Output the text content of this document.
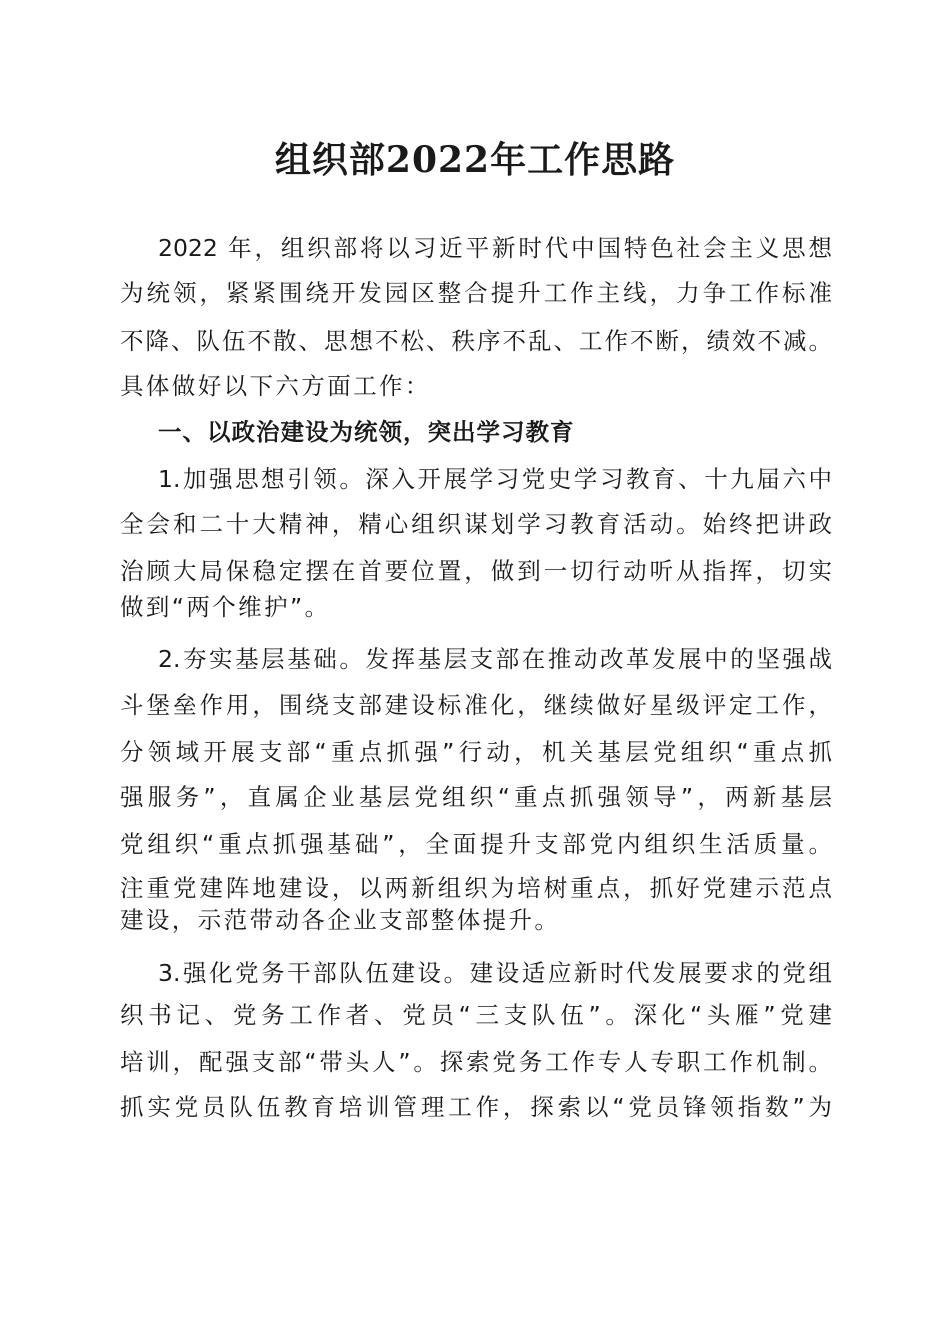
组织部2022年工作思路
2022 年，组织部将以习近平新时代中国特色社会主义思想
为统领，紧紧围绕开发园区整合提升工作主线，力争工作标准
不降、队伍不散、思想不松、秩序不乱、工作不断，绩效不减。
具体做好以下六方面工作：
一、以政治建设为统领，突出学习教育
1.加强思想引领。深入开展学习党史学习教育、十九届六中
全会和二十大精神，精心组织谋划学习教育活动。始终把讲政
治顾大局保稳定摆在首要位置，做到一切行动听从指挥，切实
做到“两个维护”。
2.夯实基层基础。发挥基层支部在推动改革发展中的坚强战
斗堡垒作用，围绕支部建设标准化，继续做好星级评定工作，
分领域开展支部“重点抓强”行动，机关基层党组织“重点抓
强服务”，直属企业基层党组织“重点抓强领导”，两新基层
党组织“重点抓强基础”，全面提升支部党内组织生活质量。
注重党建阵地建设，以两新组织为培树重点，抓好党建示范点
建设，示范带动各企业支部整体提升。
3.强化党务干部队伍建设。建设适应新时代发展要求的党组
织书记、党务工作者、党员“三支队伍”。深化“头雁”党建
培训，配强支部“带头人”。探索党务工作专人专职工作机制。
抓实党员队伍教育培训管理工作，探索以“党员锋领指数”为
